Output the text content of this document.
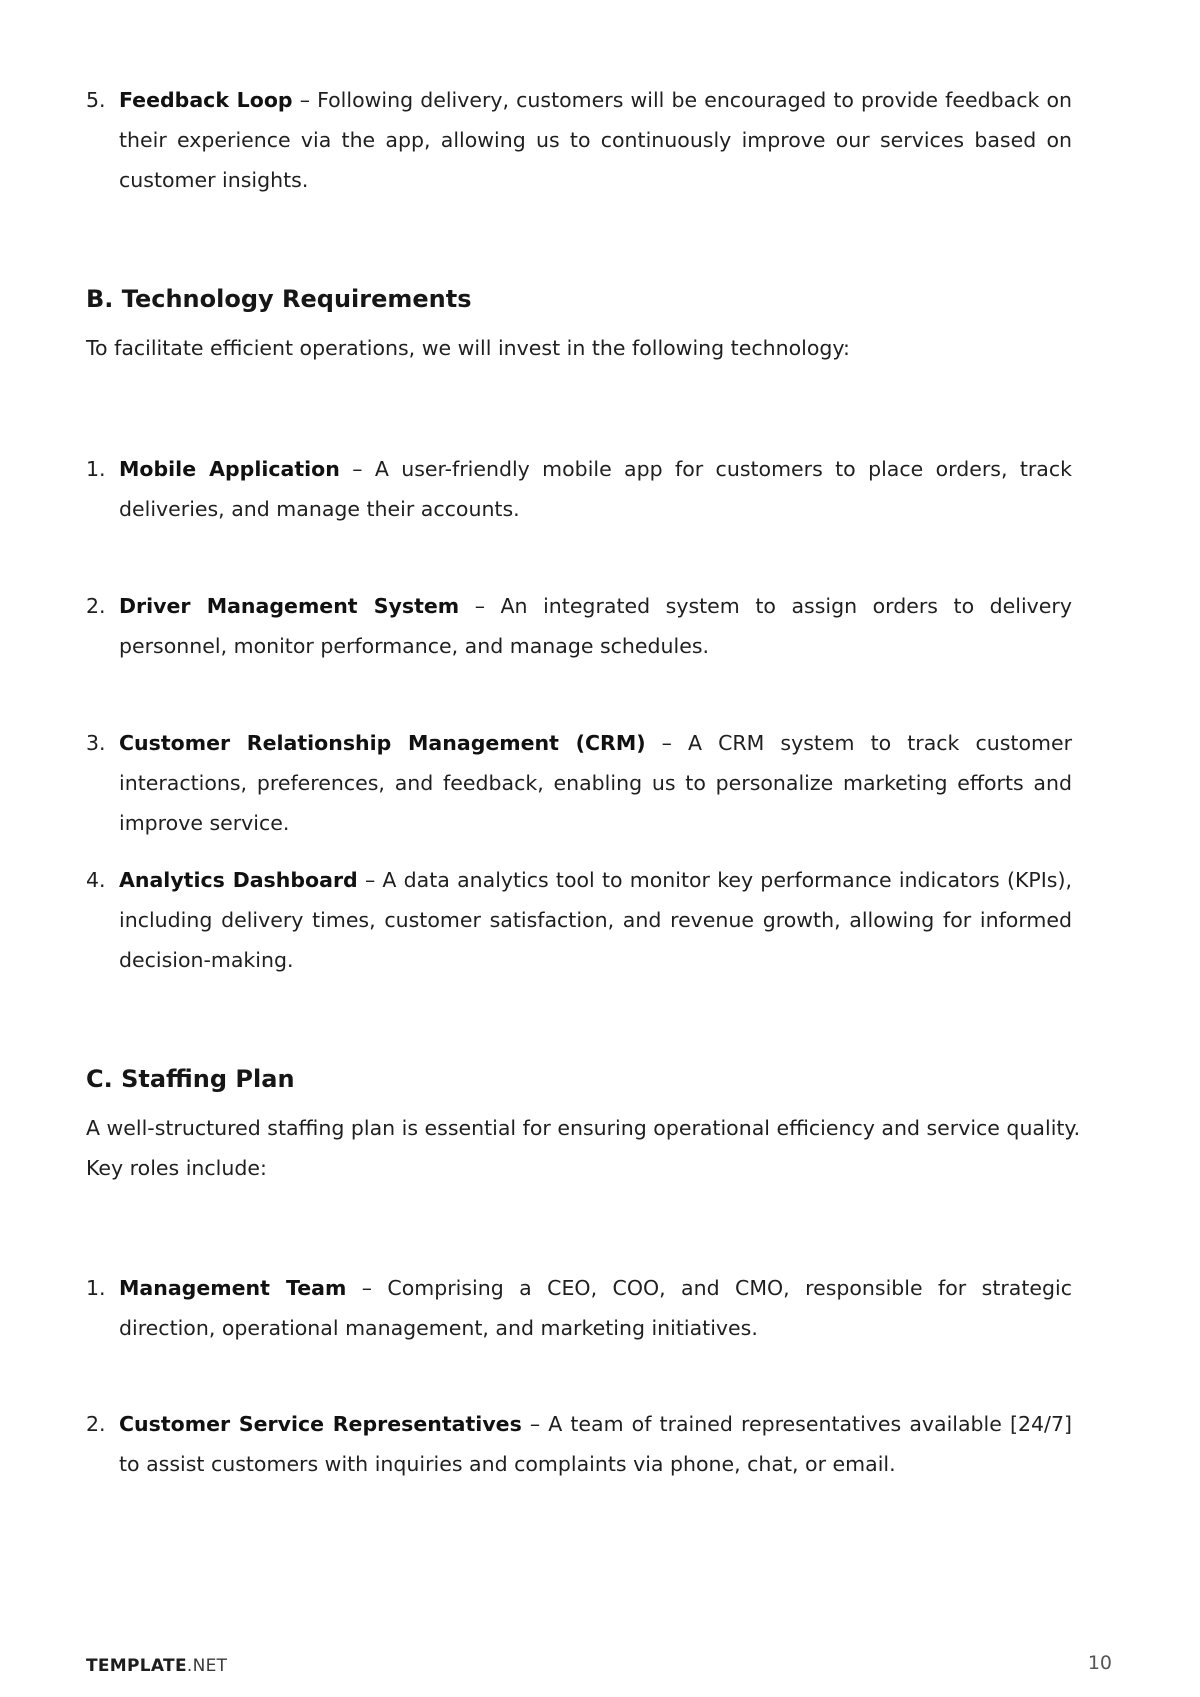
5. Feedback Loop – Following delivery, customers will be encouraged to provide feedback on their experience via the app, allowing us to continuously improve our services based on customer insights.
B. Technology Requirements

To facilitate efficient operations, we will invest in the following technology:

1. Mobile Application – A user-friendly mobile app for customers to place orders, track deliveries, and manage their accounts.
2. Driver Management System – An integrated system to assign orders to delivery personnel, monitor performance, and manage schedules.
3. Customer Relationship Management (CRM) – A CRM system to track customer interactions, preferences, and feedback, enabling us to personalize marketing efforts and improve service.
4. Analytics Dashboard – A data analytics tool to monitor key performance indicators (KPIs), including delivery times, customer satisfaction, and revenue growth, allowing for informed decision-making.
C. Staffing Plan

A well-structured staffing plan is essential for ensuring operational efficiency and service quality. Key roles include:

1. Management Team – Comprising a CEO, COO, and CMO, responsible for strategic direction, operational management, and marketing initiatives.
2. Customer Service Representatives – A team of trained representatives available [24/7] to assist customers with inquiries and complaints via phone, chat, or email.
TEMPLATE.NET	10
